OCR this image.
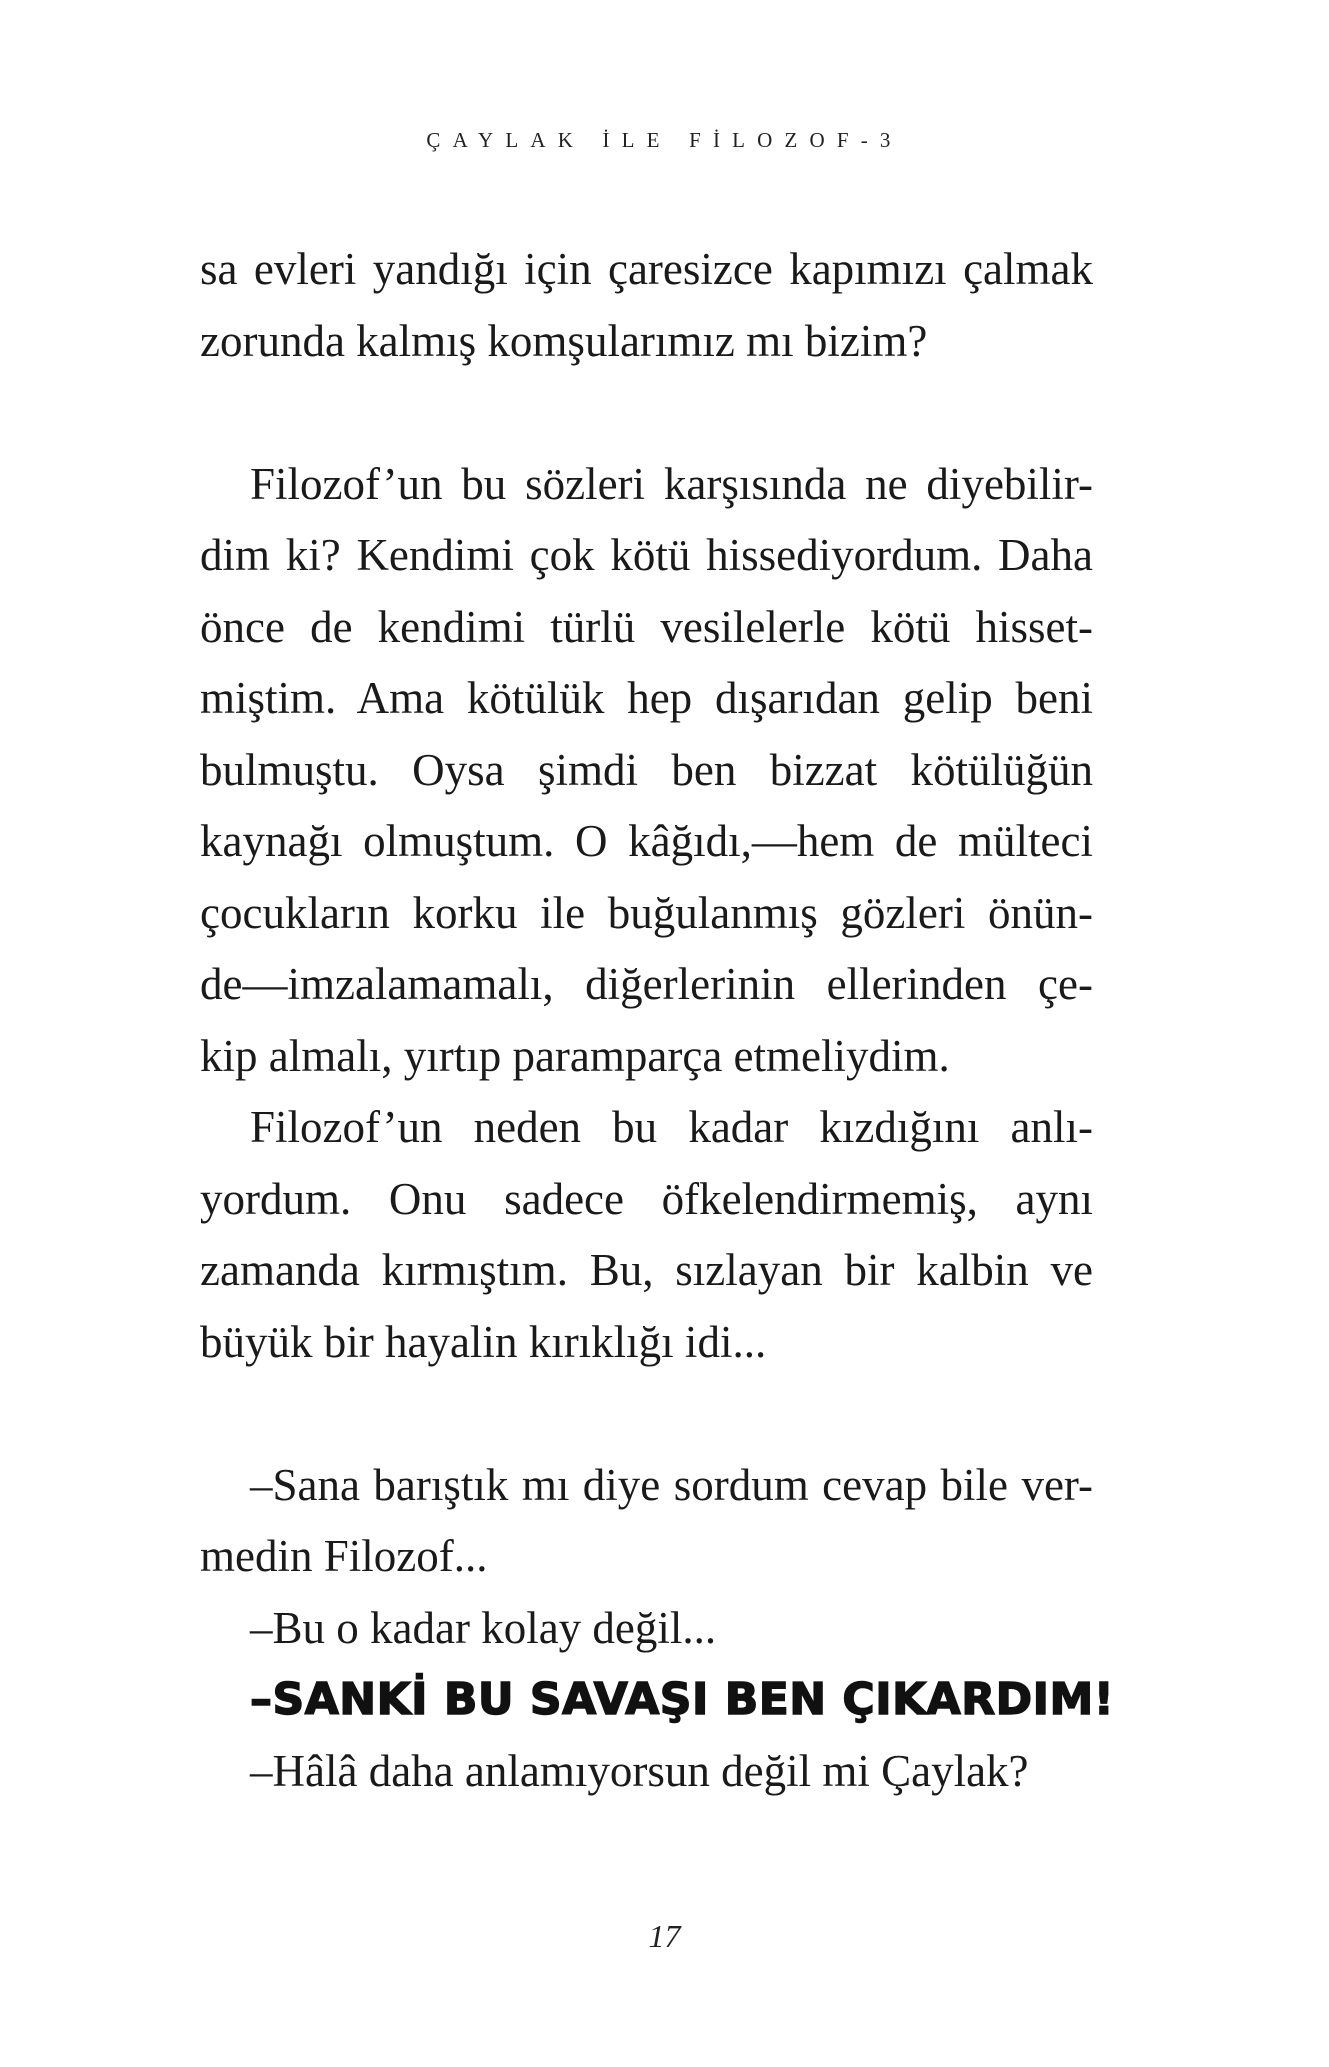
ÇAYLAK İLE FİLOZOF-3
sa evleri yandığı için çaresizce kapımızı çalmak
zorunda kalmış komşularımız mı bizim?
Filozof’un bu sözleri karşısında ne diyebilir-
dim ki? Kendimi çok kötü hissediyordum. Daha
önce de kendimi türlü vesilelerle kötü hisset-
miştim. Ama kötülük hep dışarıdan gelip beni
bulmuştu. Oysa şimdi ben bizzat kötülüğün
kaynağı olmuştum. O kâğıdı,—hem de mülteci
çocukların korku ile buğulanmış gözleri önün-
de—imzalamamalı, diğerlerinin ellerinden çe-
kip almalı, yırtıp paramparça etmeliydim.
Filozof’un neden bu kadar kızdığını anlı-
yordum. Onu sadece öfkelendirmemiş, aynı
zamanda kırmıştım. Bu, sızlayan bir kalbin ve
büyük bir hayalin kırıklığı idi...
–Sana barıştık mı diye sordum cevap bile ver-
medin Filozof...
–Bu o kadar kolay değil...
–SANKİ BU SAVAŞI BEN ÇIKARDIM!
–Hâlâ daha anlamıyorsun değil mi Çaylak?
17
